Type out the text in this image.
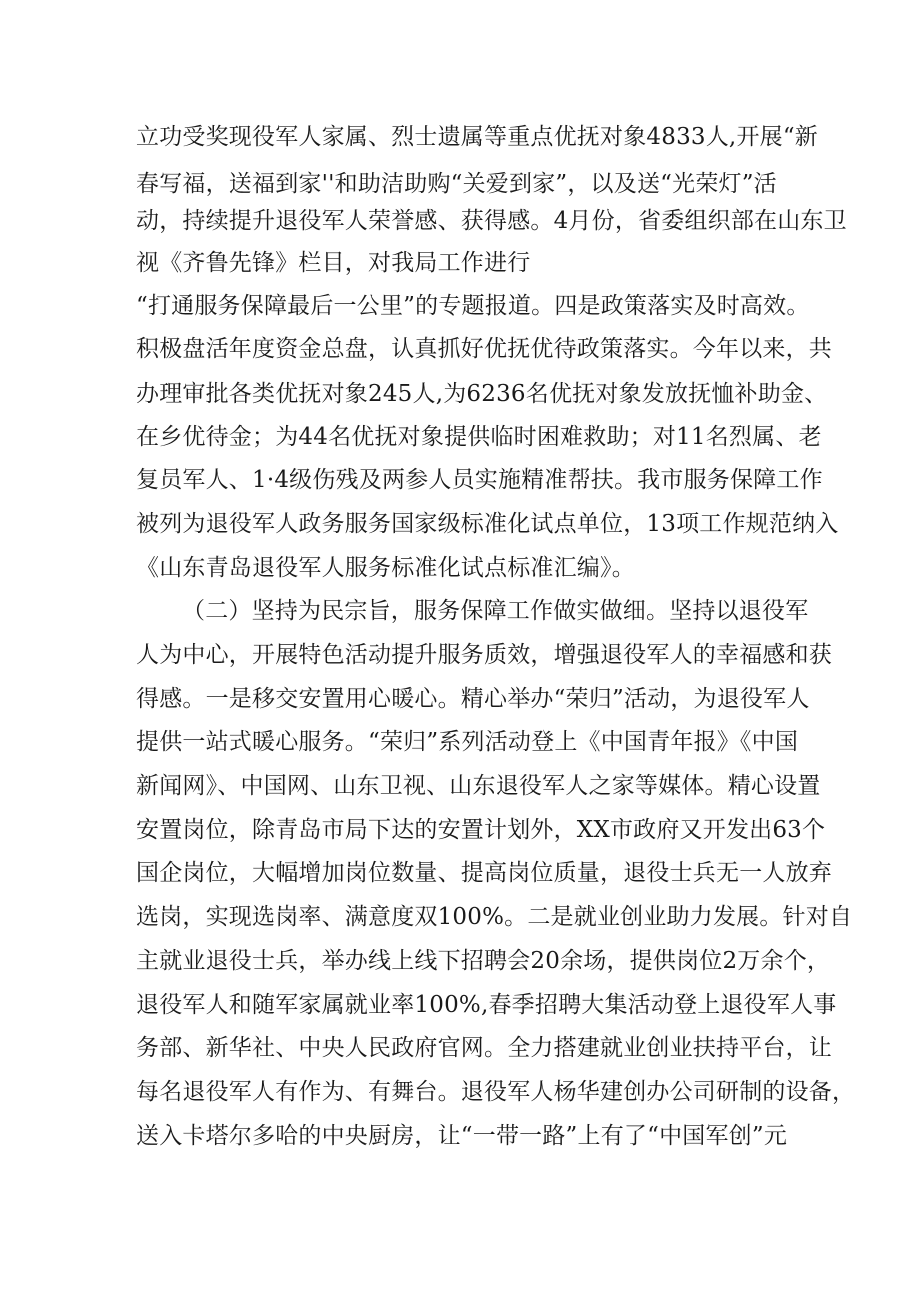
立功受奖现役军人家属、烈士遗属等重点优抚对象4833人,开展“新
春写福，送福到家''和助洁助购“关爱到家”，以及送“光荣灯”活
动，持续提升退役军人荣誉感、获得感。4月份，省委组织部在山东卫
视《齐鲁先锋》栏目，对我局工作进行
“打通服务保障最后一公里”的专题报道。四是政策落实及时高效。
积极盘活年度资金总盘，认真抓好优抚优待政策落实。今年以来，共
办理审批各类优抚对象245人,为6236名优抚对象发放抚恤补助金、
在乡优待金；为44名优抚对象提供临时困难救助；对11名烈属、老
复员军人、1·4级伤残及两参人员实施精准帮扶。我市服务保障工作
被列为退役军人政务服务国家级标准化试点单位，13项工作规范纳入
《山东青岛退役军人服务标准化试点标准汇编》。
（二）坚持为民宗旨，服务保障工作做实做细。坚持以退役军
人为中心，开展特色活动提升服务质效，增强退役军人的幸福感和获
得感。一是移交安置用心暖心。精心举办“荣归”活动，为退役军人
提供一站式暖心服务。“荣归”系列活动登上《中国青年报》《中国
新闻网》、中国网、山东卫视、山东退役军人之家等媒体。精心设置
安置岗位，除青岛市局下达的安置计划外，XX市政府又开发出63个
国企岗位，大幅增加岗位数量、提高岗位质量，退役士兵无一人放弃
选岗，实现选岗率、满意度双100%。二是就业创业助力发展。针对自
主就业退役士兵，举办线上线下招聘会20余场，提供岗位2万余个，
退役军人和随军家属就业率100%,春季招聘大集活动登上退役军人事
务部、新华社、中央人民政府官网。全力搭建就业创业扶持平台，让
每名退役军人有作为、有舞台。退役军人杨华建创办公司研制的设备，
送入卡塔尔多哈的中央厨房，让“一带一路”上有了“中国军创”元
